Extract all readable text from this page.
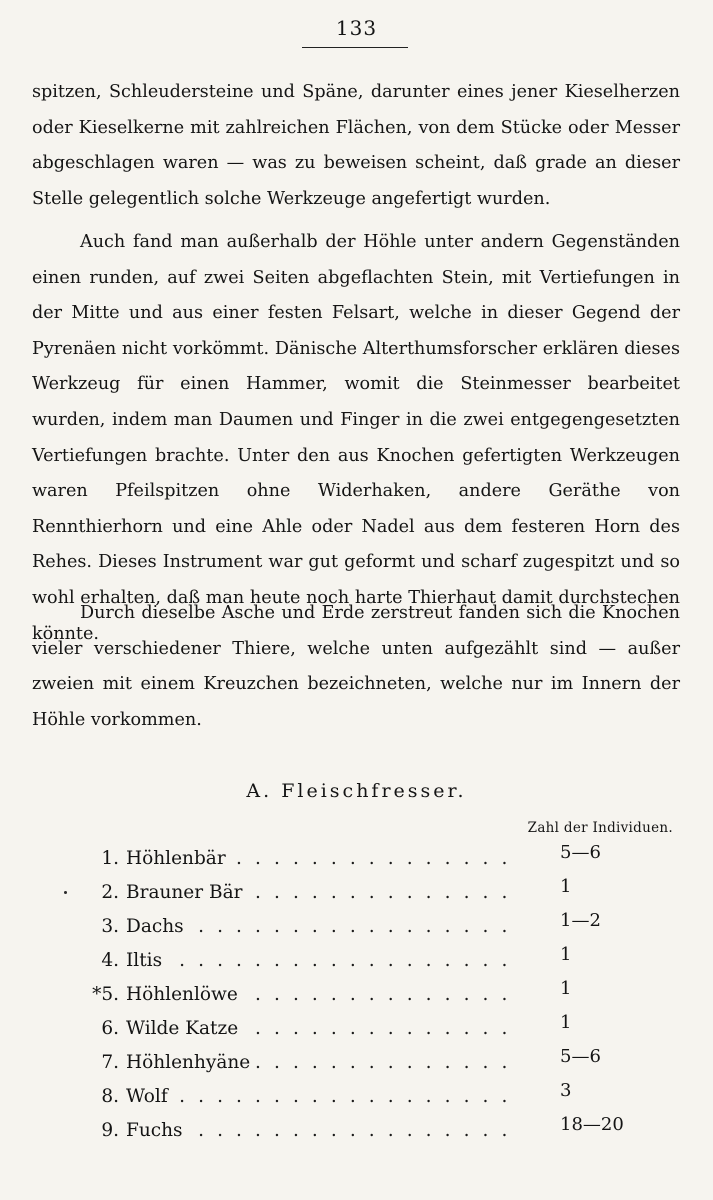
133

spitzen, Schleudersteine und Späne, darunter eines jener Kieselherzen oder Kieselkerne mit zahlreichen Flächen, von dem Stücke oder Messer abgeschlagen waren — was zu beweisen scheint, daß grade an dieser Stelle gelegentlich solche Werkzeuge angefertigt wurden.

Auch fand man außerhalb der Höhle unter andern Gegenständen einen runden, auf zwei Seiten abgeflachten Stein, mit Vertiefungen in der Mitte und aus einer festen Felsart, welche in dieser Gegend der Pyrenäen nicht vorkömmt. Dänische Alterthumsforscher erklären dieses Werkzeug für einen Hammer, womit die Steinmesser bearbeitet wurden, indem man Daumen und Finger in die zwei entgegengesetzten Vertiefungen brachte. Unter den aus Knochen gefertigten Werkzeugen waren Pfeilspitzen ohne Widerhaken, andere Geräthe von Rennthierhorn und eine Ahle oder Nadel aus dem festeren Horn des Rehes. Dieses Instrument war gut geformt und scharf zugespitzt und so wohl erhalten, daß man heute noch harte Thierhaut damit durchstechen könnte.

Durch dieselbe Asche und Erde zerstreut fanden sich die Knochen vieler verschiedener Thiere, welche unten aufgezählt sind — außer zweien mit einem Kreuzchen bezeichneten, welche nur im Innern der Höhle vorkommen.

A. Fleischfresser.
Zahl der Individuen.
1. . . . Höhlenbär	5—6
2. . . . Brauner Bär	1
3. . . . Dachs	1—2
4. . . . Iltis	1
*5. . . . Höhlenlöwe	1
6. . . . Wilde Katze	1
7. . . . Höhlenhyäne	5—6
8. . . . Wolf	3
9. . . . Fuchs	18—20
